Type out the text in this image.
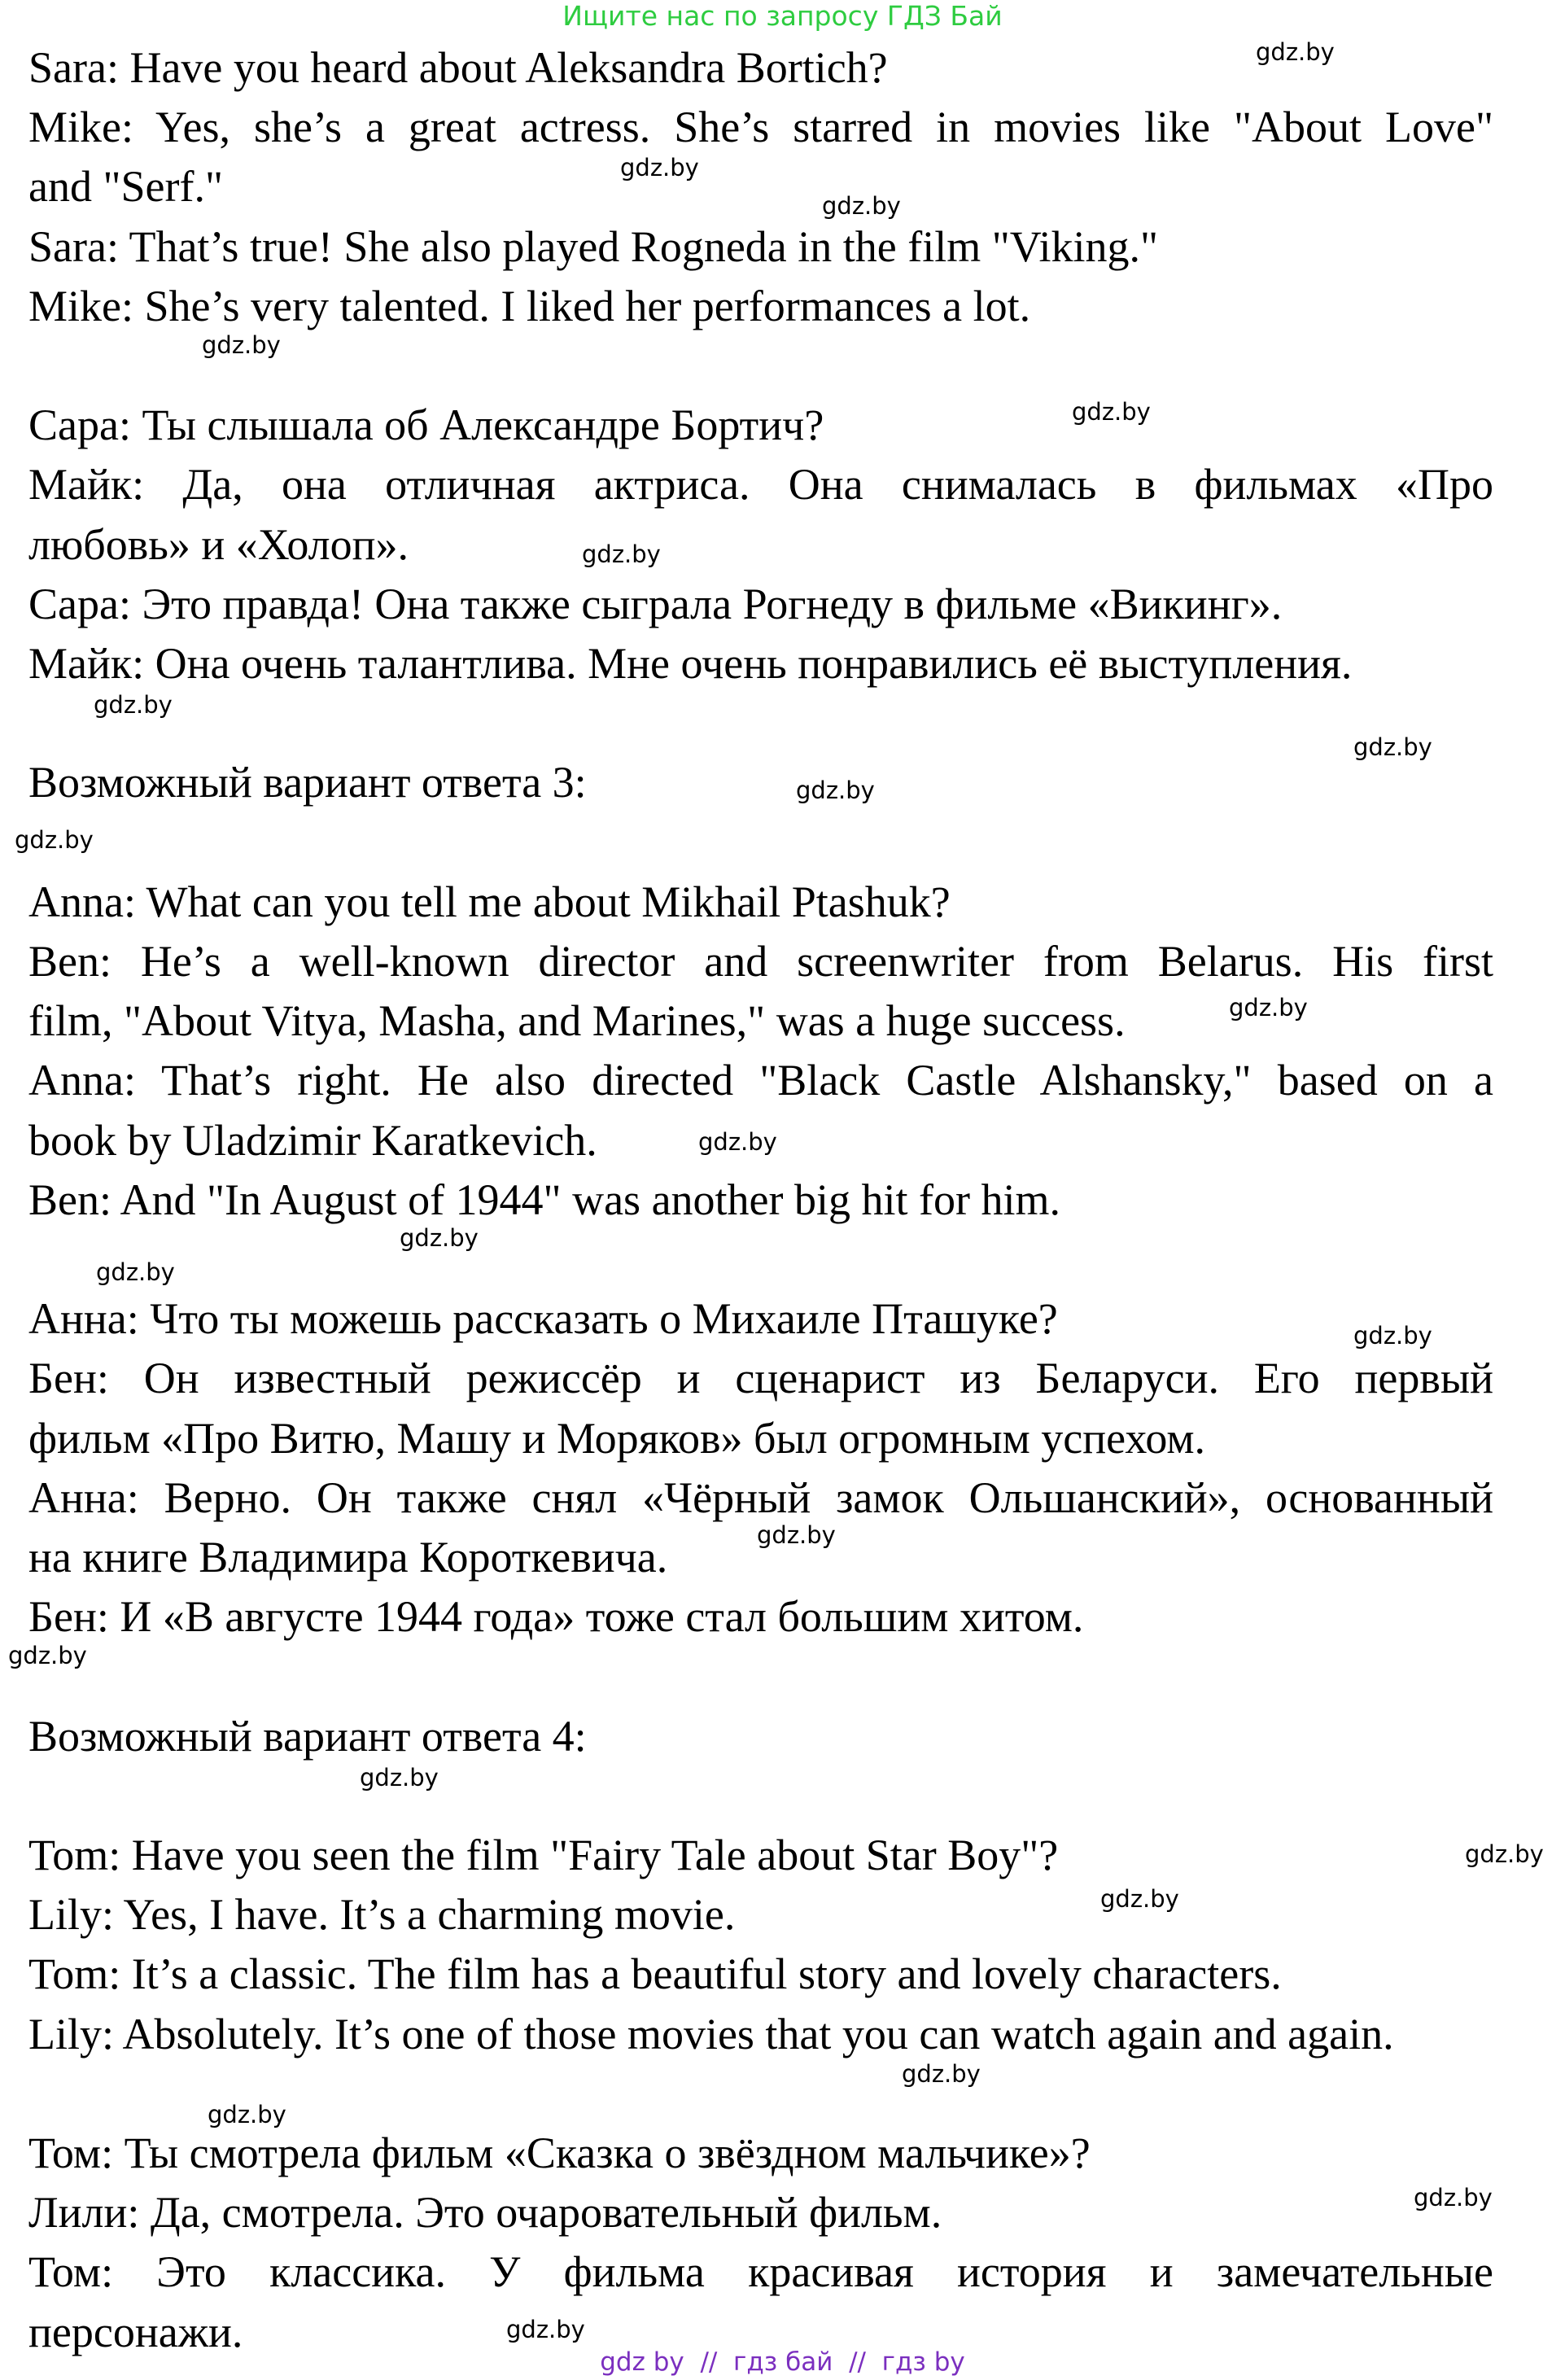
Ищите нас по запросу ГДЗ Бай
Sara: Have you heard about Aleksandra Bortich?
Mike: Yes, she’s a great actress. She’s starred in movies like "About Love"
and "Serf."
Sara: That’s true! She also played Rogneda in the film "Viking."
Mike: She’s very talented. I liked her performances a lot.
Сара: Ты слышала об Александре Бортич?
Майк: Да, она отличная актриса. Она снималась в фильмах «Про
любовь» и «Холоп».
Сара: Это правда! Она также сыграла Рогнеду в фильме «Викинг».
Майк: Она очень талантлива. Мне очень понравились её выступления.
Возможный вариант ответа 3:
Anna: What can you tell me about Mikhail Ptashuk?
Ben: He’s a well-known director and screenwriter from Belarus. His first
film, "About Vitya, Masha, and Marines," was a huge success.
Anna: That’s right. He also directed "Black Castle Alshansky," based on a
book by Uladzimir Karatkevich.
Ben: And "In August of 1944" was another big hit for him.
Анна: Что ты можешь рассказать о Михаиле Пташуке?
Бен: Он известный режиссёр и сценарист из Беларуси. Его первый
фильм «Про Витю, Машу и Моряков» был огромным успехом.
Анна: Верно. Он также снял «Чёрный замок Ольшанский», основанный
на книге Владимира Короткевича.
Бен: И «В августе 1944 года» тоже стал большим хитом.
Возможный вариант ответа 4:
Tom: Have you seen the film "Fairy Tale about Star Boy"?
Lily: Yes, I have. It’s a charming movie.
Tom: It’s a classic. The film has a beautiful story and lovely characters.
Lily: Absolutely. It’s one of those movies that you can watch again and again.
Том: Ты смотрела фильм «Сказка о звёздном мальчике»?
Лили: Да, смотрела. Это очаровательный фильм.
Том: Это классика. У фильма красивая история и замечательные
персонажи.
gdz.by
gdz.by
gdz.by
gdz.by
gdz.by
gdz.by
gdz.by
gdz.by
gdz.by
gdz.by
gdz.by
gdz.by
gdz.by
gdz.by
gdz.by
gdz.by
gdz.by
gdz.by
gdz.by
gdz.by
gdz.by
gdz.by
gdz.by
gdz.by
gdz by  //  гдз бай  //  гдз by
